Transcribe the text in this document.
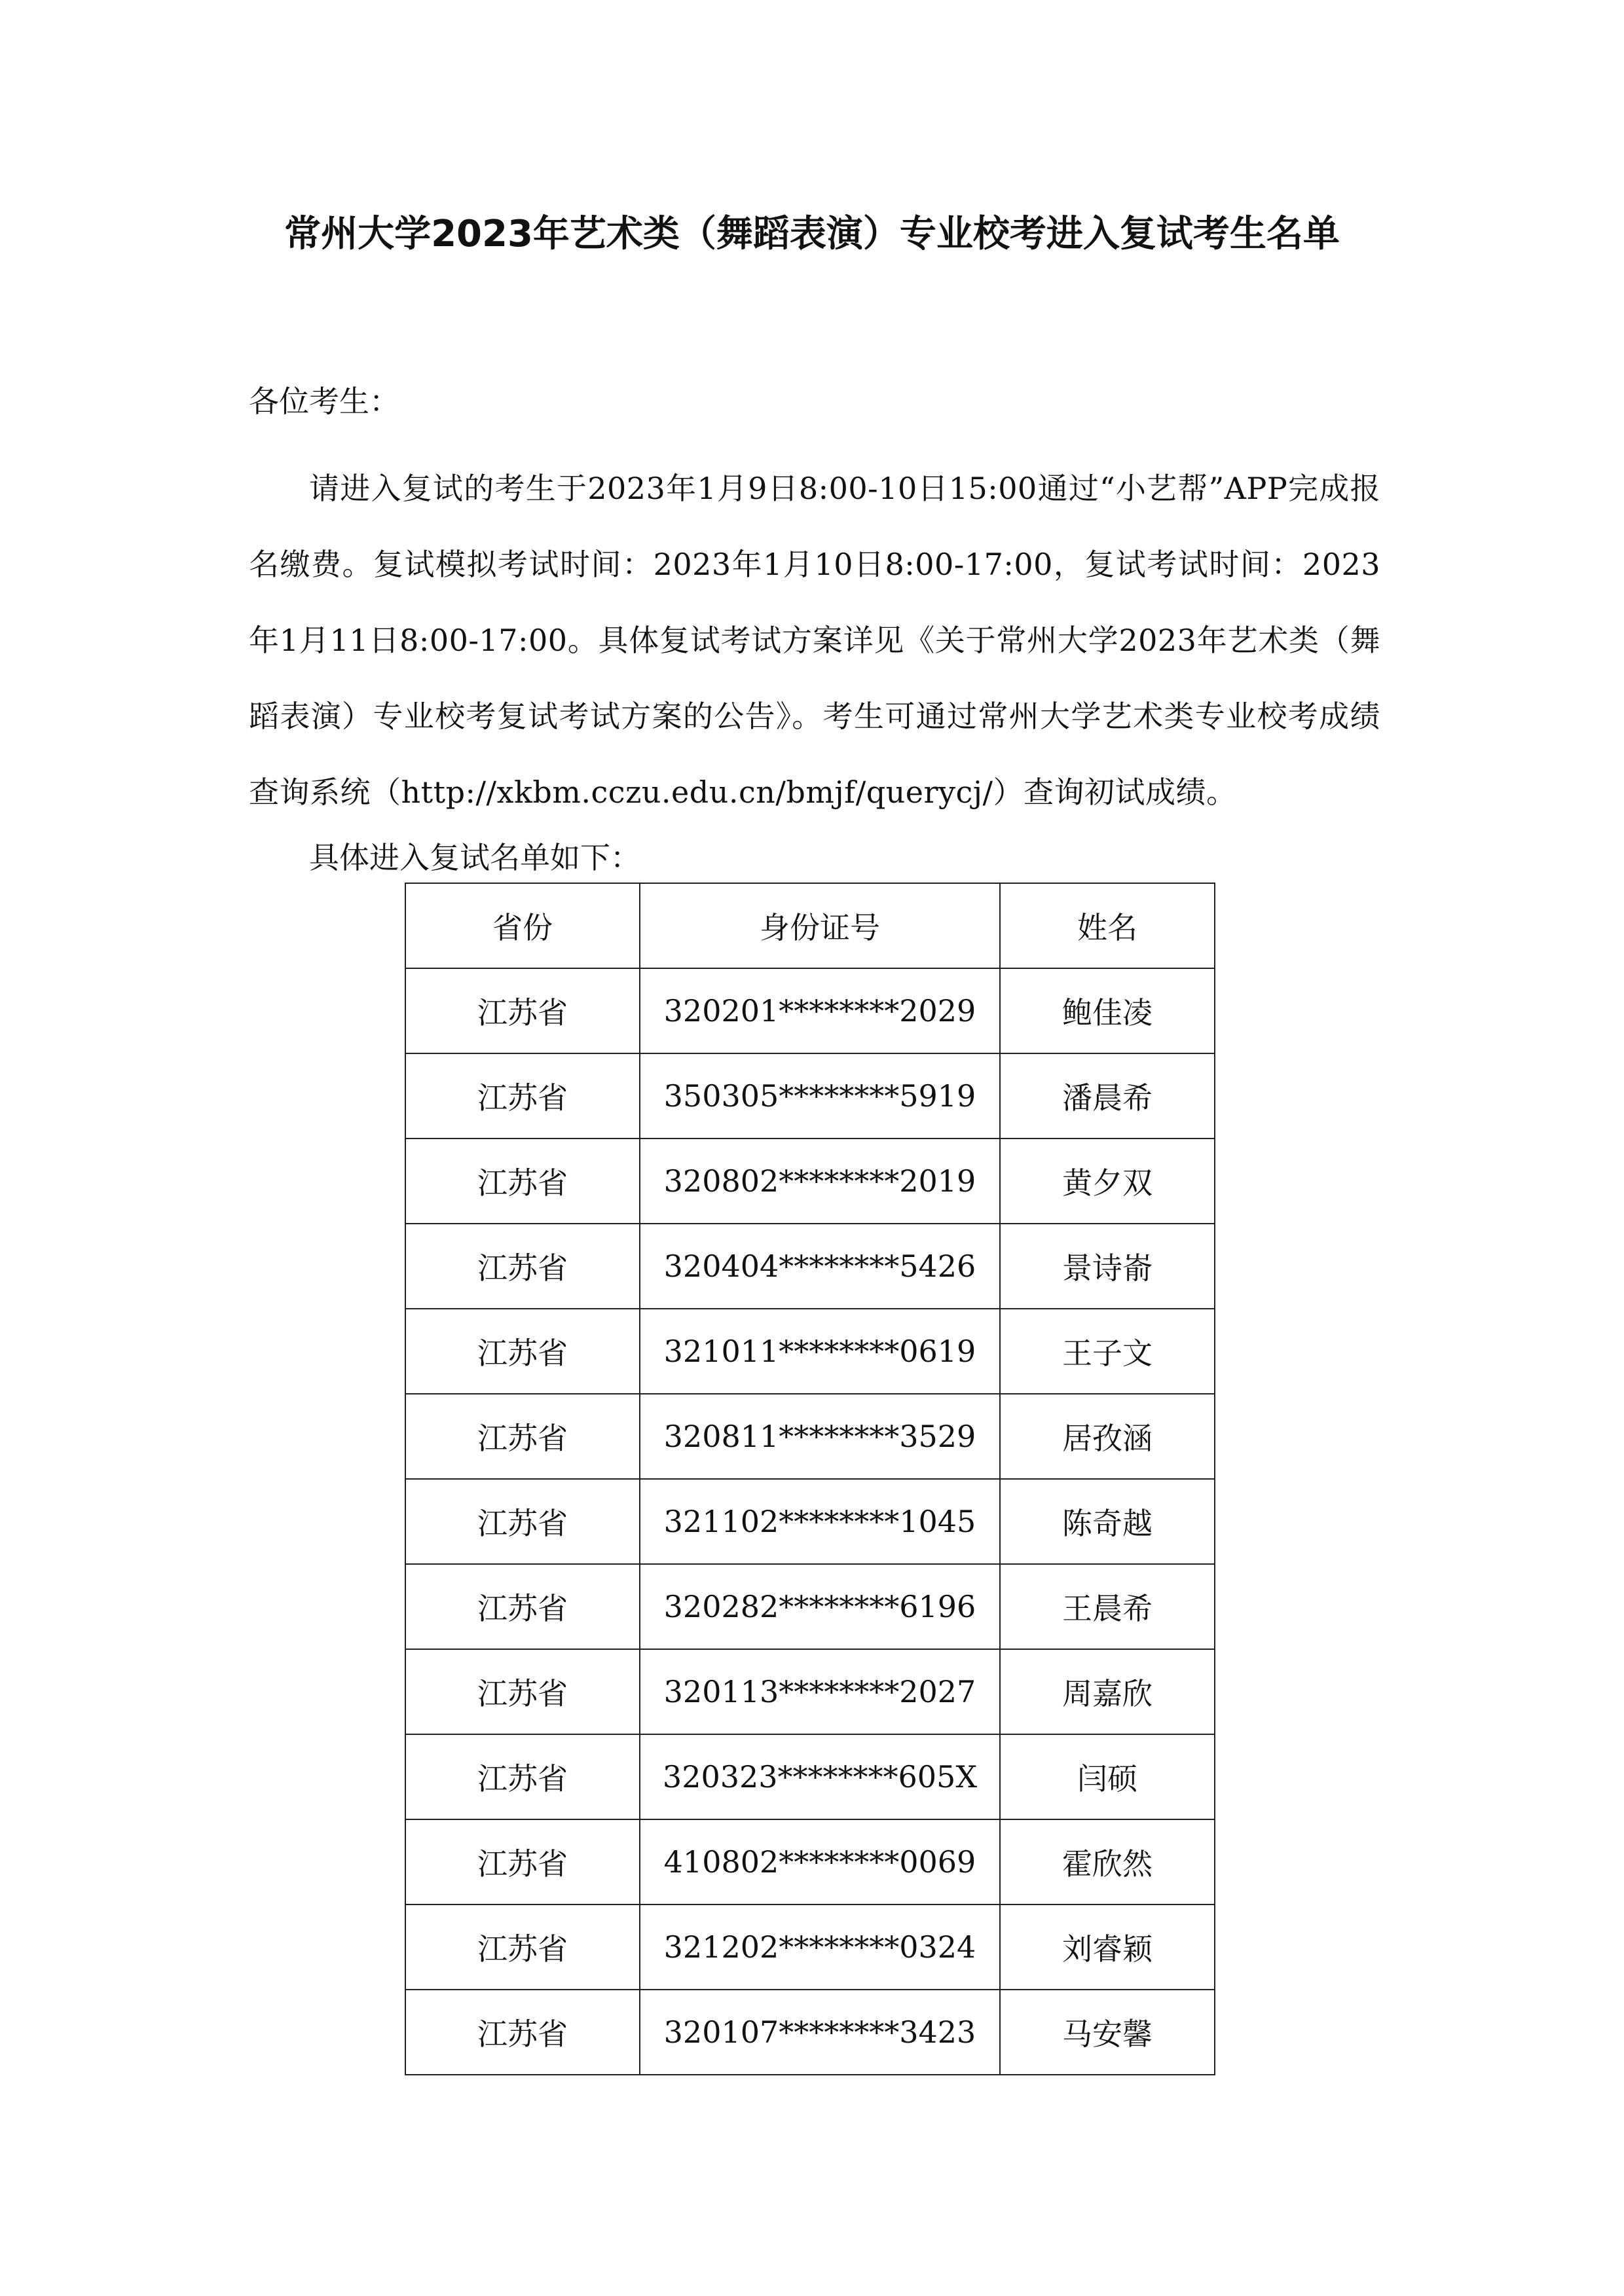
常州大学2023年艺术类（舞蹈表演）专业校考进入复试考生名单

各位考生：

请进入复试的考生于2023年1月9日8:00-10日15:00通过“小艺帮”APP完成报名缴费。复试模拟考试时间：2023年1月10日8:00-17:00，复试考试时间：2023年1月11日8:00-17:00。具体复试考试方案详见《关于常州大学2023年艺术类（舞蹈表演）专业校考复试考试方案的公告》。考生可通过常州大学艺术类专业校考成绩查询系统（http://xkbm.cczu.edu.cn/bmjf/querycj/）查询初试成绩。

具体进入复试名单如下：

省份	身份证号	姓名
江苏省	320201********2029	鲍佳凌
江苏省	350305********5919	潘晨希
江苏省	320802********2019	黄夕双
江苏省	320404********5426	景诗嵛
江苏省	321011********0619	王子文
江苏省	320811********3529	居孜涵
江苏省	321102********1045	陈奇越
江苏省	320282********6196	王晨希
江苏省	320113********2027	周嘉欣
江苏省	320323********605X	闫硕
江苏省	410802********0069	霍欣然
江苏省	321202********0324	刘睿颖
江苏省	320107********3423	马安馨
